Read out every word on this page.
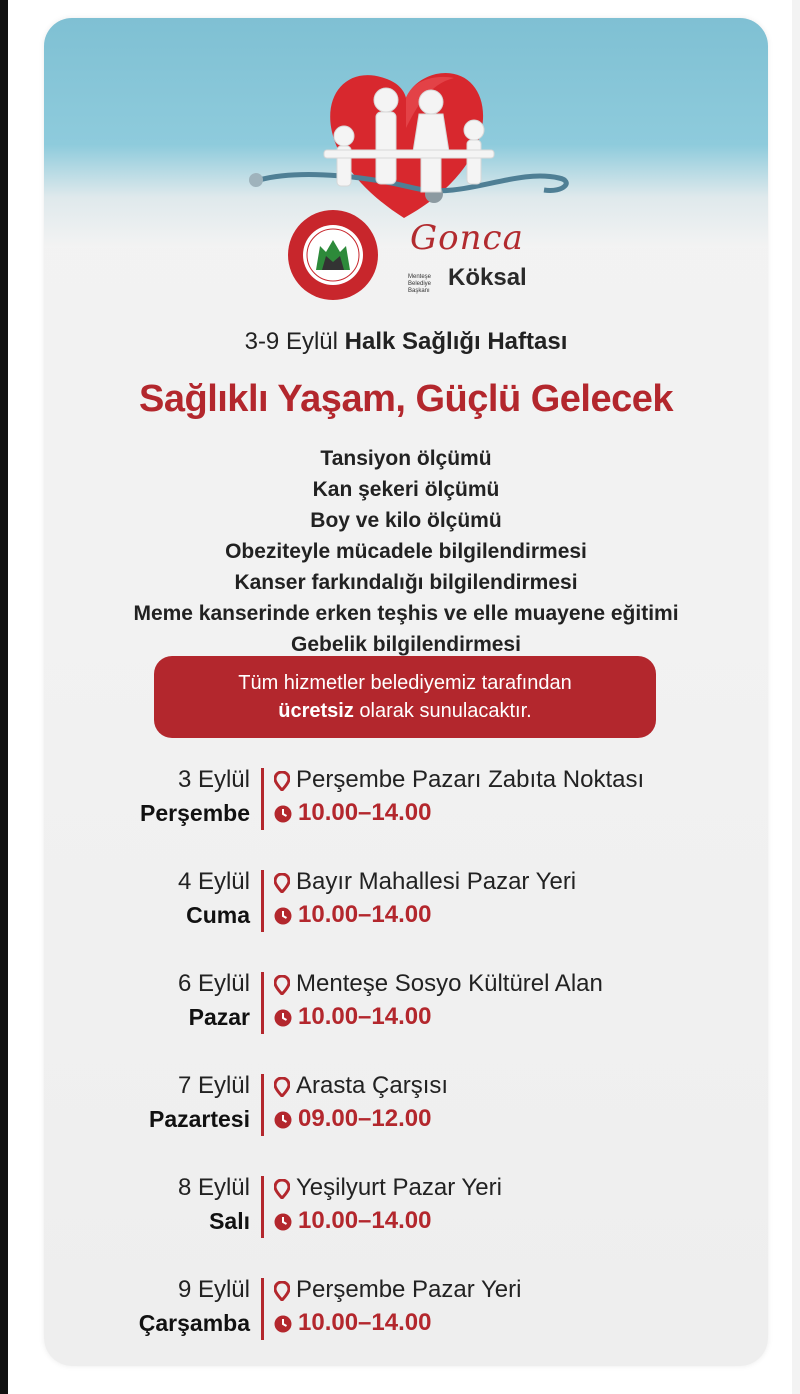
Gonca
Menteşe Belediye Başkanı Köksal
3-9 Eylül Halk Sağlığı Haftası
Sağlıklı Yaşam, Güçlü Gelecek
Tansiyon ölçümü
Kan şekeri ölçümü
Boy ve kilo ölçümü
Obeziteyle mücadele bilgilendirmesi
Kanser farkındalığı bilgilendirmesi
Meme kanserinde erken teşhis ve elle muayene eğitimi
Gebelik bilgilendirmesi
Tüm hizmetler belediyemiz tarafından
ücretsiz olarak sunulacaktır.
3 Eylül
Perşembe
Perşembe Pazarı Zabıta Noktası
10.00–14.00
4 Eylül
Cuma
Bayır Mahallesi Pazar Yeri
10.00–14.00
6 Eylül
Pazar
Menteşe Sosyo Kültürel Alan
10.00–14.00
7 Eylül
Pazartesi
Arasta Çarşısı
09.00–12.00
8 Eylül
Salı
Yeşilyurt Pazar Yeri
10.00–14.00
9 Eylül
Çarşamba
Perşembe Pazar Yeri
10.00–14.00
